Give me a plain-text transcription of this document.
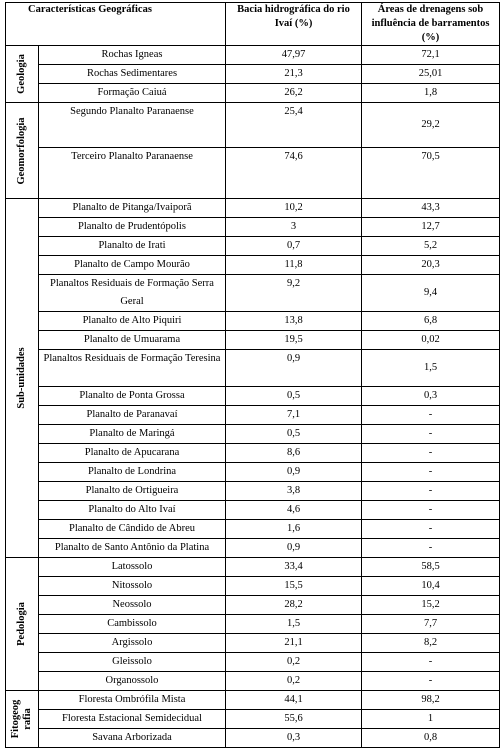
Características Geográficas		Bacia hidrográfica do rio Ivaí (%)	Áreas de drenagens sob influência de barramentos (%)

Geologia	Rochas Igneas	47,97	72,1
	Rochas Sedimentares	21,3	25,01
	Formação Caiuá	26,2	1,8

Geomorfologia	Segundo Planalto Paranaense	25,4	29,2
	Terceiro Planalto Paranaense	74,6	70,5

Sub-unidades	Planalto de Pitanga/Ivaiporã	10,2	43,3
	Planalto de Prudentópolis	3	12,7
	Planalto de Irati	0,7	5,2
	Planalto de Campo Mourão	11,8	20,3
	Planaltos Residuais de Formação Serra Geral	9,2	9,4
	Planalto de Alto Piquiri	13,8	6,8
	Planalto de Umuarama	19,5	0,02
	Planaltos Residuais de Formação Teresina	0,9	1,5
	Planalto de Ponta Grossa	0,5	0,3
	Planalto de Paranavaí	7,1	-
	Planalto de Maringá	0,5	-
	Planalto de Apucarana	8,6	-
	Planalto de Londrina	0,9	-
	Planalto de Ortigueira	3,8	-
	Planalto do Alto Ivaí	4,6	-
	Planalto de Cândido de Abreu	1,6	-
	Planalto de Santo Antônio da Platina	0,9	-

Pedologia	Latossolo	33,4	58,5
	Nitossolo	15,5	10,4
	Neossolo	28,2	15,2
	Cambissolo	1,5	7,7
	Argissolo	21,1	8,2
	Gleissolo	0,2	-
	Organossolo	0,2	-

Fitogeog rafia	Floresta Ombrófila Mista	44,1	98,2
	Floresta Estacional Semidecidual	55,6	1
	Savana Arborizada	0,3	0,8
